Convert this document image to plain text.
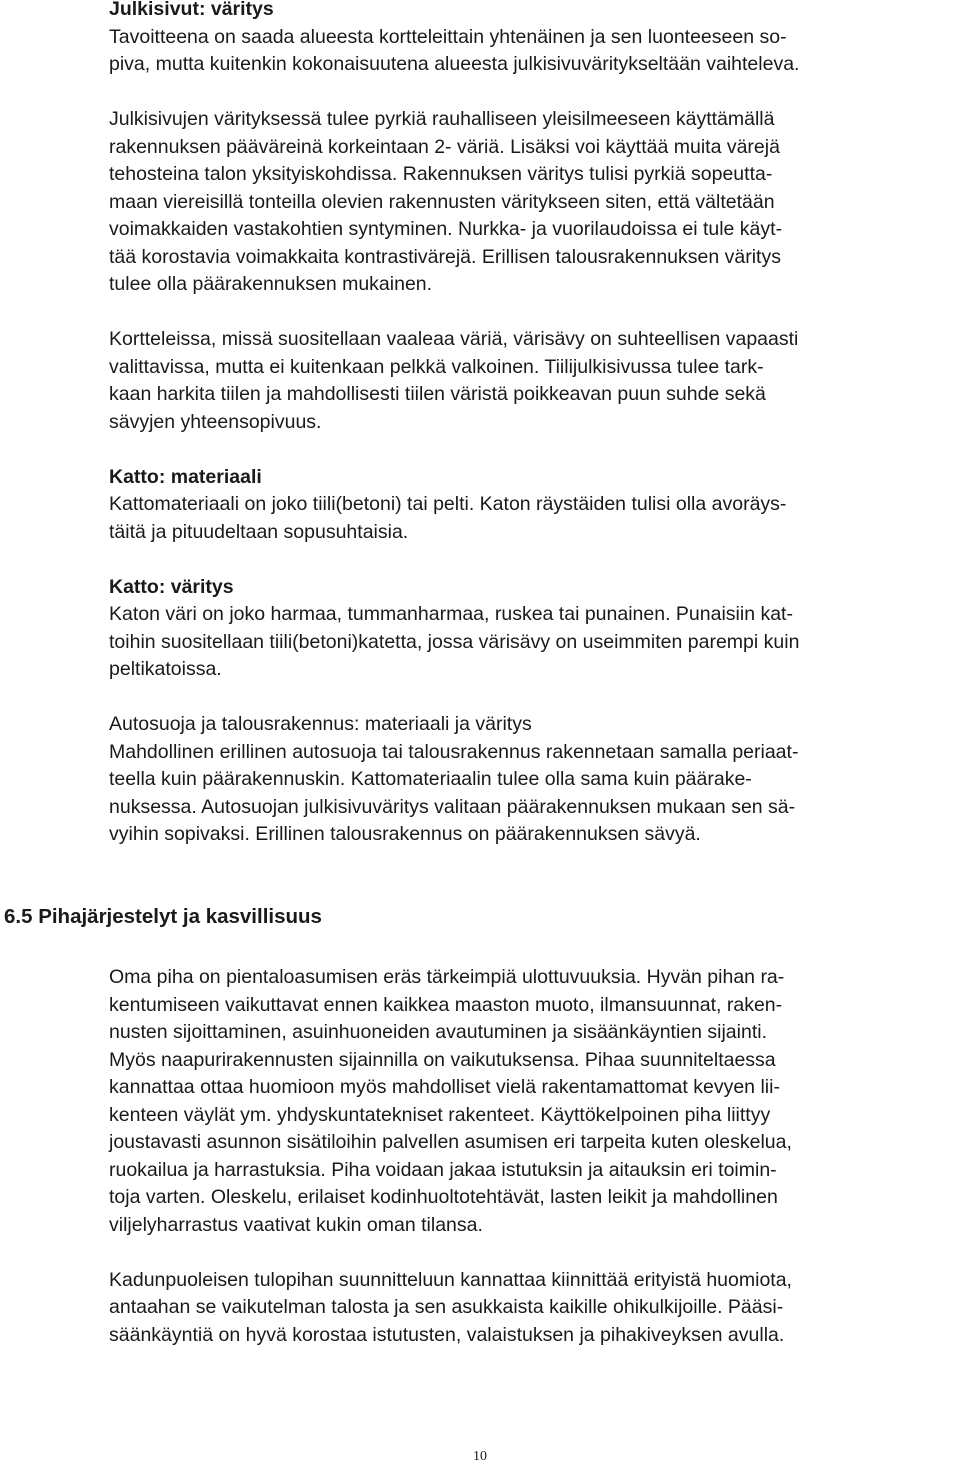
Julkisivut: väritys
Tavoitteena on saada alueesta kortteleittain yhtenäinen ja sen luonteeseen so-
piva, mutta kuitenkin kokonaisuutena alueesta julkisivuväritykseltään vaihteleva.
Julkisivujen värityksessä tulee pyrkiä rauhalliseen yleisilmeeseen käyttämällä
rakennuksen pääväreinä korkeintaan 2- väriä. Lisäksi voi käyttää muita värejä
tehosteina talon yksityiskohdissa. Rakennuksen väritys tulisi pyrkiä sopeutta-
maan viereisillä tonteilla olevien rakennusten väritykseen siten, että vältetään
voimakkaiden vastakohtien syntyminen. Nurkka- ja vuorilaudoissa ei tule käyt-
tää korostavia voimakkaita kontrastivärejä. Erillisen talousrakennuksen väritys
tulee olla päärakennuksen mukainen.
Kortteleissa, missä suositellaan vaaleaa väriä, värisävy on suhteellisen vapaasti
valittavissa, mutta ei kuitenkaan pelkkä valkoinen. Tiilijulkisivussa tulee tark-
kaan harkita tiilen ja mahdollisesti tiilen väristä poikkeavan puun suhde sekä
sävyjen yhteensopivuus.
Katto: materiaali
Kattomateriaali on joko tiili(betoni) tai pelti. Katon räystäiden tulisi olla avoräys-
täitä ja pituudeltaan sopusuhtaisia.
Katto: väritys
Katon väri on joko harmaa, tummanharmaa, ruskea tai punainen. Punaisiin kat-
toihin suositellaan tiili(betoni)katetta, jossa värisävy on useimmiten parempi kuin
peltikatoissa.
Autosuoja ja talousrakennus: materiaali ja väritys
Mahdollinen erillinen autosuoja tai talousrakennus rakennetaan samalla periaat-
teella kuin päärakennuskin. Kattomateriaalin tulee olla sama kuin päärake-
nuksessa. Autosuojan julkisivuväritys valitaan päärakennuksen mukaan sen sä-
vyihin sopivaksi. Erillinen talousrakennus on päärakennuksen sävyä.
Oma piha on pientaloasumisen eräs tärkeimpiä ulottuvuuksia. Hyvän pihan ra-
kentumiseen vaikuttavat ennen kaikkea maaston muoto, ilmansuunnat, raken-
nusten sijoittaminen, asuinhuoneiden avautuminen ja sisäänkäyntien sijainti.
Myös naapurirakennusten sijainnilla on vaikutuksensa. Pihaa suunniteltaessa
kannattaa ottaa huomioon myös mahdolliset vielä rakentamattomat kevyen lii-
kenteen väylät ym. yhdyskuntatekniset rakenteet. Käyttökelpoinen piha liittyy
joustavasti asunnon sisätiloihin palvellen asumisen eri tarpeita kuten oleskelua,
ruokailua ja harrastuksia. Piha voidaan jakaa istutuksin ja aitauksin eri toimin-
toja varten. Oleskelu, erilaiset kodinhuoltotehtävät, lasten leikit ja mahdollinen
viljelyharrastus vaativat kukin oman tilansa.
Kadunpuoleisen tulopihan suunnitteluun kannattaa kiinnittää erityistä huomiota,
antaahan se vaikutelman talosta ja sen asukkaista kaikille ohikulkijoille. Pääsi-
säänkäyntiä on hyvä korostaa istutusten, valaistuksen ja pihakiveyksen avulla.
6.5 Pihajärjestelyt ja kasvillisuus
10
